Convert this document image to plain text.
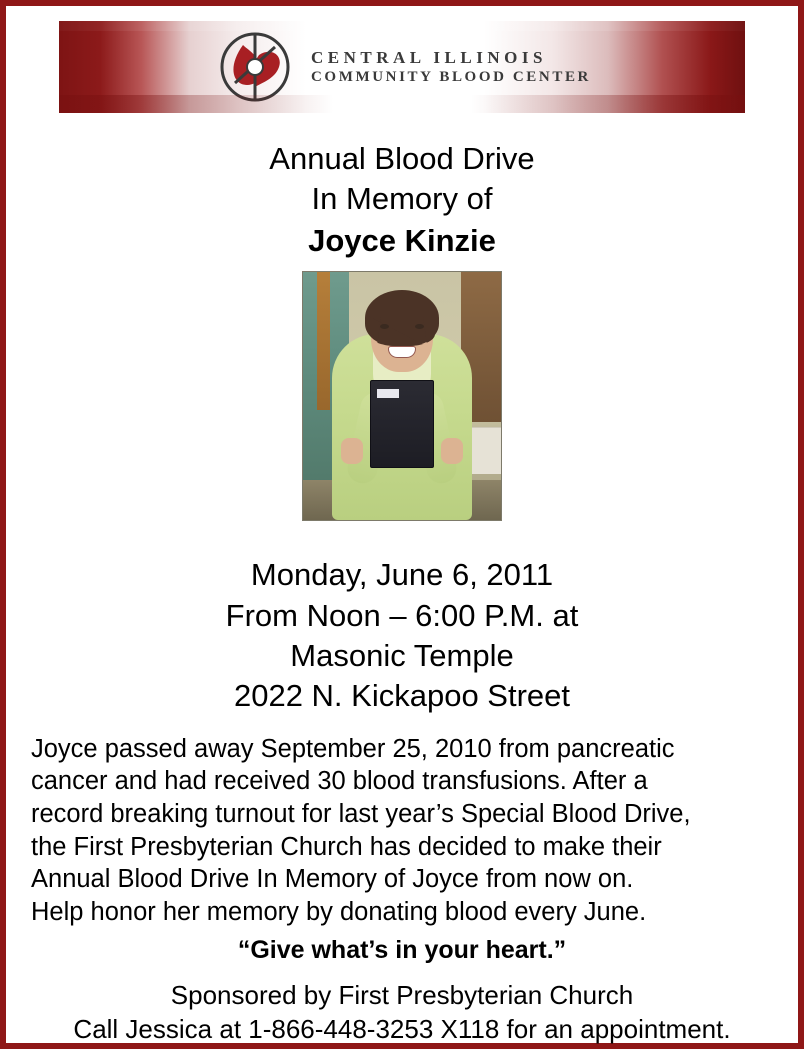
CENTRAL ILLINOIS
COMMUNITY BLOOD CENTER
Annual Blood Drive
In Memory of
Joyce Kinzie
Monday, June 6, 2011
From Noon – 6:00 P.M. at
Masonic Temple
2022 N. Kickapoo Street
Joyce passed away September 25, 2010 from pancreatic
cancer and had received 30 blood transfusions. After a
record breaking turnout for last year’s Special Blood Drive,
the First Presbyterian Church has decided to make their
Annual Blood Drive In Memory of Joyce from now on.
Help honor her memory by donating blood every June.
“Give what’s in your heart.”
Sponsored by First Presbyterian Church
Call Jessica at 1-866-448-3253 X118 for an appointment.
